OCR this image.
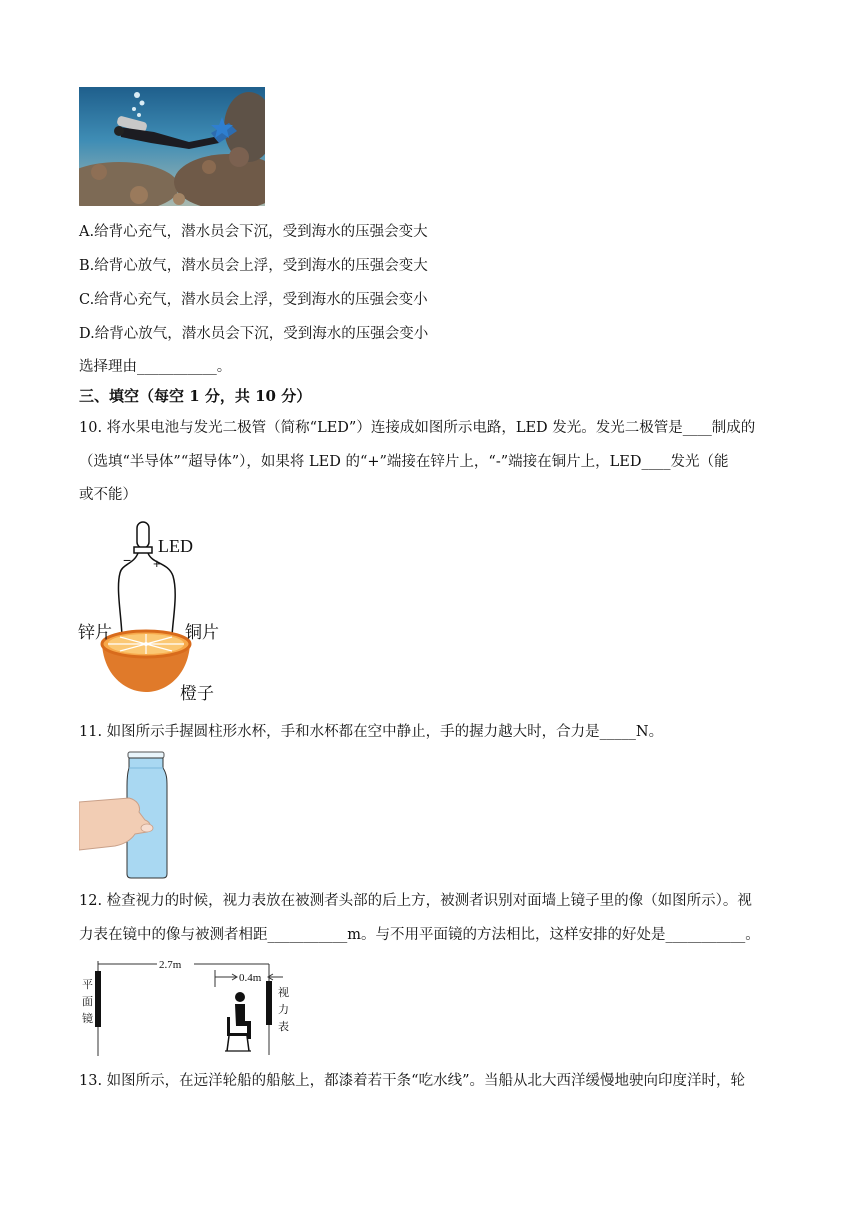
A.给背心充气，潜水员会下沉，受到海水的压强会变大
B.给背心放气，潜水员会上浮，受到海水的压强会变大
C.给背心充气，潜水员会上浮，受到海水的压强会变小
D.给背心放气，潜水员会下沉，受到海水的压强会变小
选择理由___________。
三、填空（每空 1 分，共 10 分）
10. 将水果电池与发光二极管（简称“LED”）连接成如图所示电路，LED 发光。发光二极管是____制成的
（选填“半导体”“超导体”），如果将 LED 的“+”端接在锌片上，“-”端接在铜片上，LED____发光（能
或不能）
LED
− +
锌片	铜片
橙子
11. 如图所示手握圆柱形水杯，手和水杯都在空中静止，手的握力越大时，合力是_____N。
12. 检查视力的时候，视力表放在被测者头部的后上方，被测者识别对面墙上镜子里的像（如图所示）。视
力表在镜中的像与被测者相距___________m。与不用平面镜的方法相比，这样安排的好处是___________。
2.7m
0.4m
平
面
镜
视
力
表
13. 如图所示，在远洋轮船的船舷上，都漆着若干条“吃水线”。当船从北大西洋缓慢地驶向印度洋时，轮
